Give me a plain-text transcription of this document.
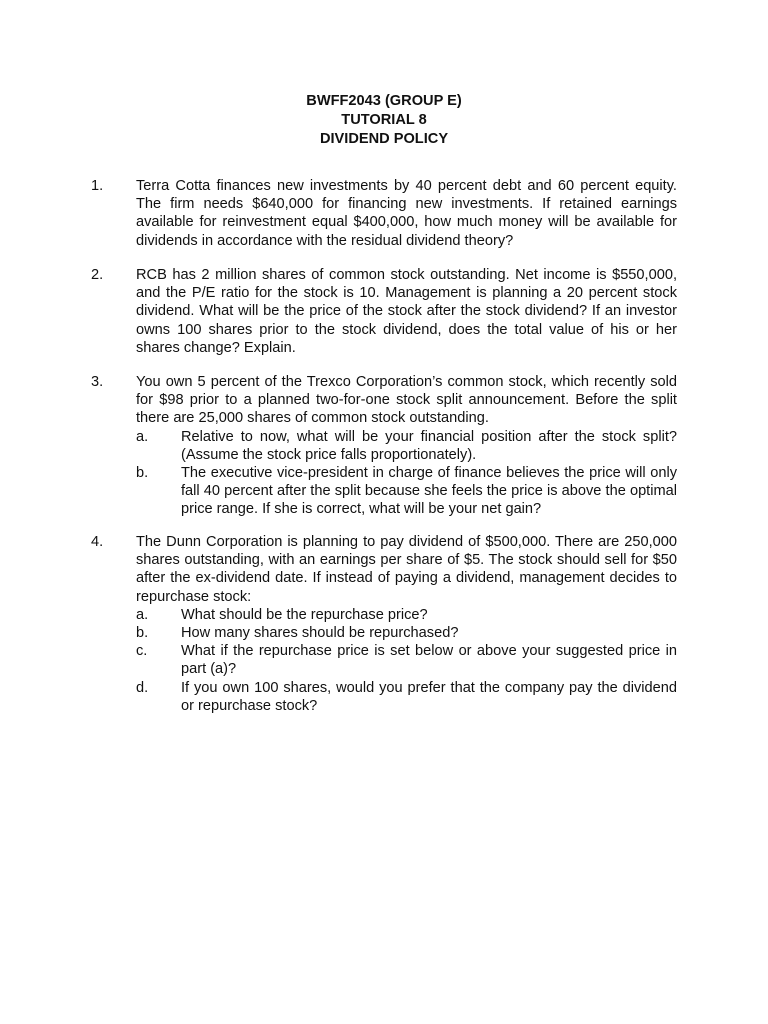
BWFF2043 (GROUP E)
TUTORIAL 8
DIVIDEND POLICY
1.	Terra Cotta finances new investments by 40 percent debt and 60 percent equity. The firm needs $640,000 for financing new investments. If retained earnings available for reinvestment equal $400,000, how much money will be available for dividends in accordance with the residual dividend theory?

2.	RCB has 2 million shares of common stock outstanding. Net income is $550,000, and the P/E ratio for the stock is 10. Management is planning a 20 percent stock dividend. What will be the price of the stock after the stock dividend? If an investor owns 100 shares prior to the stock dividend, does the total value of his or her shares change? Explain.

3.	You own 5 percent of the Trexco Corporation’s common stock, which recently sold for $98 prior to a planned two-for-one stock split announcement. Before the split there are 25,000 shares of common stock outstanding.

a. Relative to now, what will be your financial position after the stock split? (Assume the stock price falls proportionately).
b. The executive vice-president in charge of finance believes the price will only fall 40 percent after the split because she feels the price is above the optimal price range. If she is correct, what will be your net gain?
4.	The Dunn Corporation is planning to pay dividend of $500,000. There are 250,000 shares outstanding, with an earnings per share of $5. The stock should sell for $50 after the ex-dividend date. If instead of paying a dividend, management decides to repurchase stock:

a. What should be the repurchase price?
b. How many shares should be repurchased?
c. What if the repurchase price is set below or above your suggested price in part (a)?
d. If you own 100 shares, would you prefer that the company pay the dividend or repurchase stock?
